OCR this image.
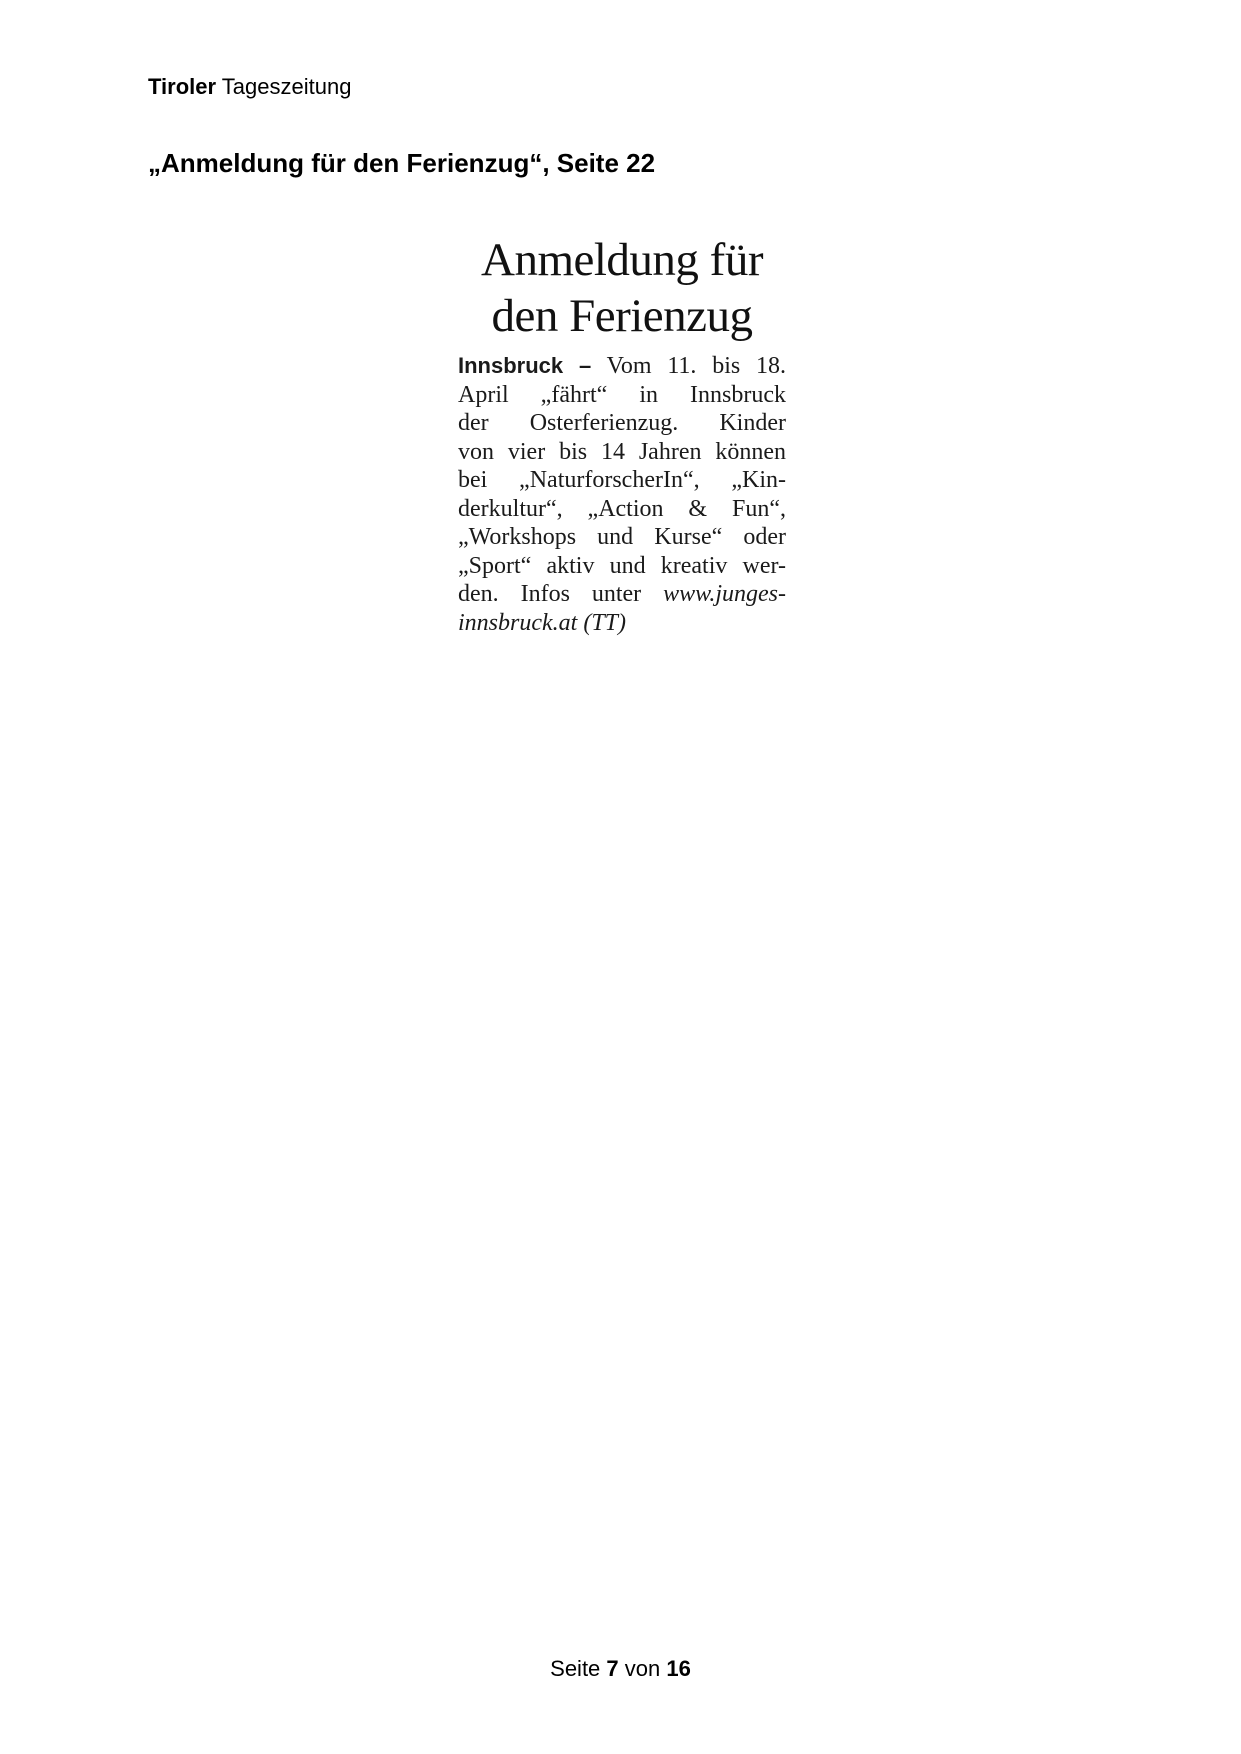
Tiroler Tageszeitung
„Anmeldung für den Ferienzug“, Seite 22
Anmeldung für
den Ferienzug

Innsbruck – Vom 11. bis 18.
April „fährt“ in Innsbruck
der Osterferienzug. Kinder
von vier bis 14 Jahren können
bei „NaturforscherIn“, „Kin-
derkultur“, „Action & Fun“,
„Workshops und Kurse“ oder
„Sport“ aktiv und kreativ wer-
den. Infos unter www.junges-
innsbruck.at (TT)

Seite 7 von 16
